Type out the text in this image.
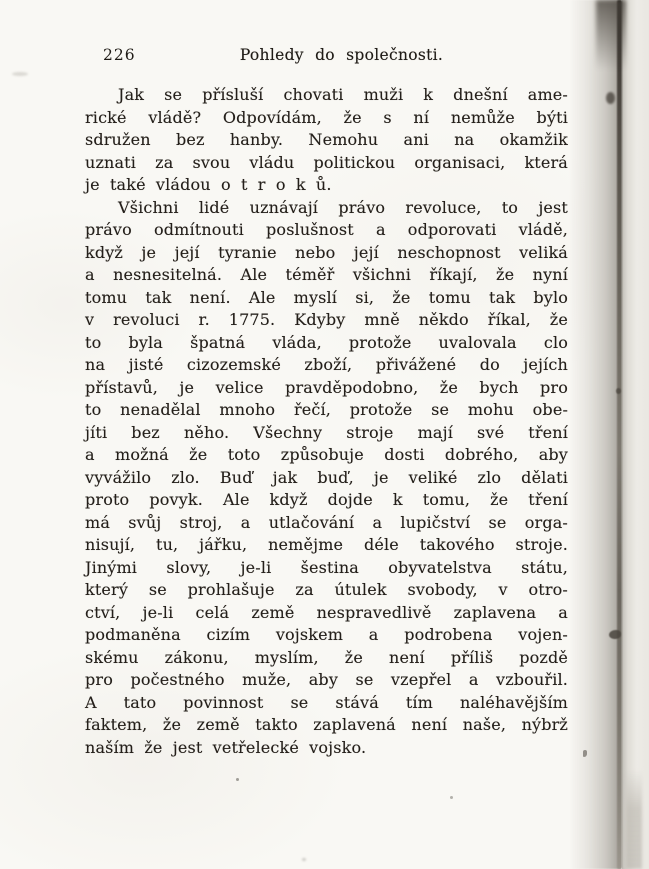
226	Pohledy do společnosti.
Jak se přísluší chovati muži k dnešní ame-
rické vládě? Odpovídám, že s ní nemůže býti
sdružen bez hanby. Nemohu ani na okamžik
uznati za svou vládu politickou organisaci, která
je také vládou o t r o k ů.
Všichni lidé uznávají právo revoluce, to jest
právo odmítnouti poslušnost a odporovati vládě,
když je její tyranie nebo její neschopnost veliká
a nesnesitelná. Ale téměř všichni říkají, že nyní
tomu tak není. Ale myslí si, že tomu tak bylo
v revoluci r. 1775. Kdyby mně někdo říkal, že
to byla špatná vláda, protože uvalovala clo
na jisté cizozemské zboží, přivážené do jejích
přístavů, je velice pravděpodobno, že bych pro
to nenadělal mnoho řečí, protože se mohu obe-
jíti bez něho. Všechny stroje mají své tření
a možná že toto způsobuje dosti dobrého, aby
vyvážilo zlo. Buď jak buď, je veliké zlo dělati
proto povyk. Ale když dojde k tomu, že tření
má svůj stroj, a utlačování a lupičství se orga-
nisují, tu, jářku, nemějme déle takového stroje.
Jinými slovy, je-li šestina obyvatelstva státu,
který se prohlašuje za útulek svobody, v otro-
ctví, je-li celá země nespravedlivě zaplavena a
podmaněna cizím vojskem a podrobena vojen-
skému zákonu, myslím, že není příliš pozdě
pro počestného muže, aby se vzepřel a vzbouřil.
A tato povinnost se stává tím naléhavějším
faktem, že země takto zaplavená není naše, nýbrž
naším že jest vetřelecké vojsko.
